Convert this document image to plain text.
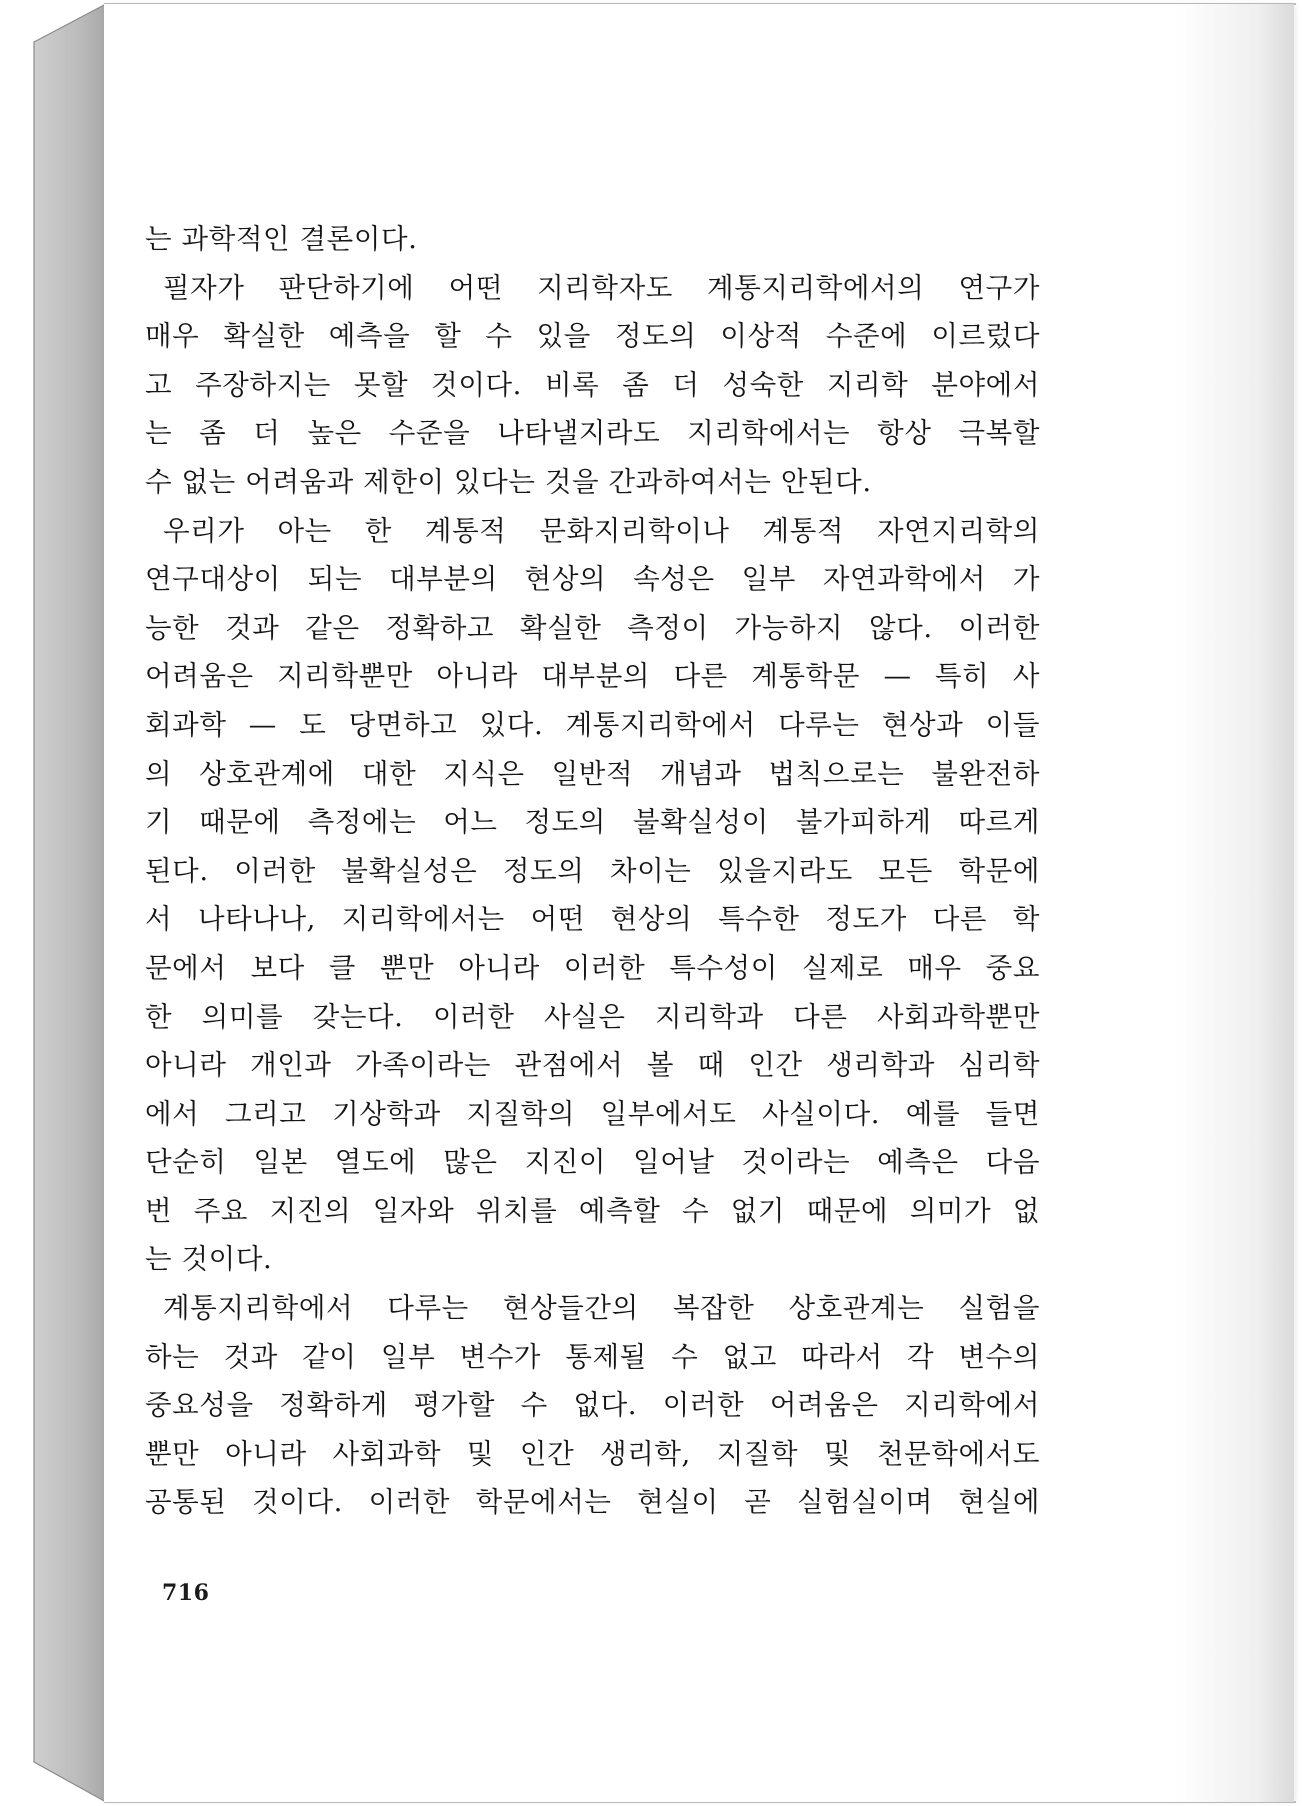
는 과학적인 결론이다.
필자가 판단하기에 어떤 지리학자도 계통지리학에서의 연구가
매우 확실한 예측을 할 수 있을 정도의 이상적 수준에 이르렀다
고 주장하지는 못할 것이다. 비록 좀 더 성숙한 지리학 분야에서
는 좀 더 높은 수준을 나타낼지라도 지리학에서는 항상 극복할
수 없는 어려움과 제한이 있다는 것을 간과하여서는 안된다.
우리가 아는 한 계통적 문화지리학이나 계통적 자연지리학의
연구대상이 되는 대부분의 현상의 속성은 일부 자연과학에서 가
능한 것과 같은 정확하고 확실한 측정이 가능하지 않다. 이러한
어려움은 지리학뿐만 아니라 대부분의 다른 계통학문 — 특히 사
회과학 — 도 당면하고 있다. 계통지리학에서 다루는 현상과 이들
의 상호관계에 대한 지식은 일반적 개념과 법칙으로는 불완전하
기 때문에 측정에는 어느 정도의 불확실성이 불가피하게 따르게
된다. 이러한 불확실성은 정도의 차이는 있을지라도 모든 학문에
서 나타나나, 지리학에서는 어떤 현상의 특수한 정도가 다른 학
문에서 보다 클 뿐만 아니라 이러한 특수성이 실제로 매우 중요
한 의미를 갖는다. 이러한 사실은 지리학과 다른 사회과학뿐만
아니라 개인과 가족이라는 관점에서 볼 때 인간 생리학과 심리학
에서 그리고 기상학과 지질학의 일부에서도 사실이다. 예를 들면
단순히 일본 열도에 많은 지진이 일어날 것이라는 예측은 다음
번 주요 지진의 일자와 위치를 예측할 수 없기 때문에 의미가 없
는 것이다.
계통지리학에서 다루는 현상들간의 복잡한 상호관계는 실험을
하는 것과 같이 일부 변수가 통제될 수 없고 따라서 각 변수의
중요성을 정확하게 평가할 수 없다. 이러한 어려움은 지리학에서
뿐만 아니라 사회과학 및 인간 생리학, 지질학 및 천문학에서도
공통된 것이다. 이러한 학문에서는 현실이 곧 실험실이며 현실에
716
